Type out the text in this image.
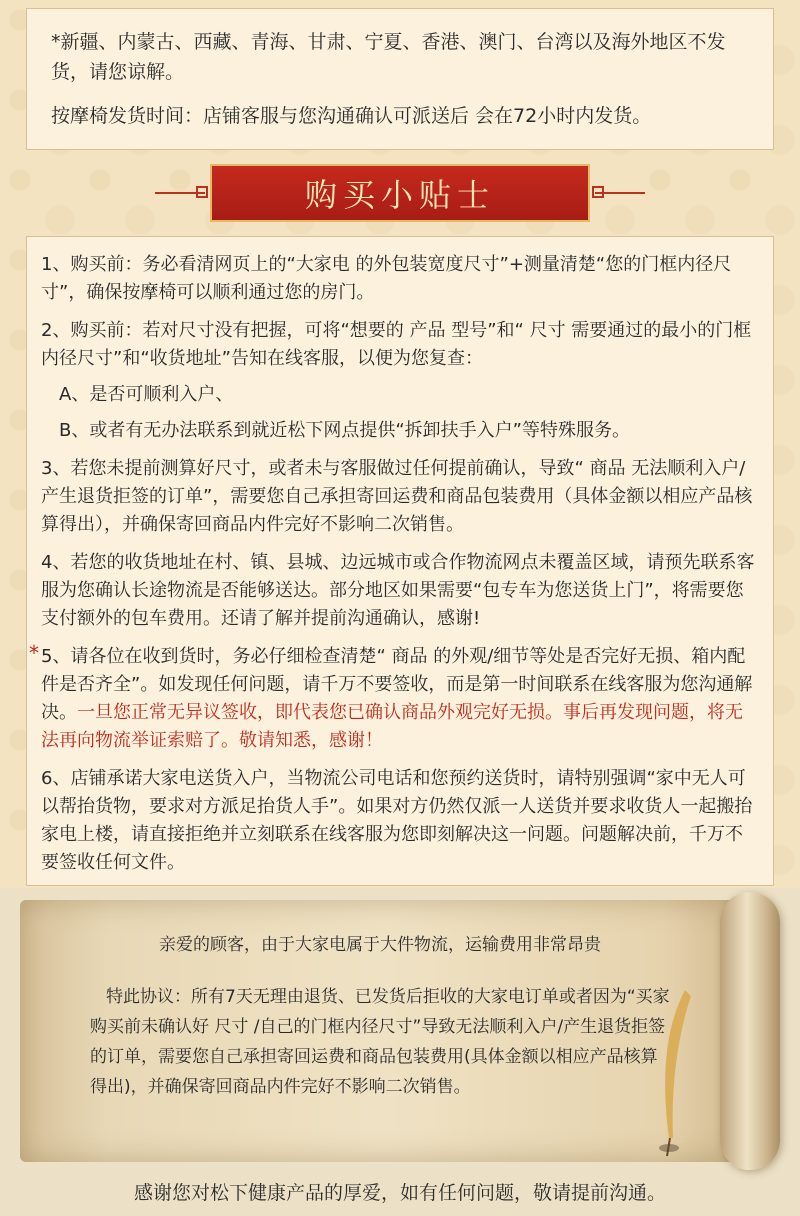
*新疆、内蒙古、西藏、青海、甘肃、宁夏、香港、澳门、台湾以及海外地区不发货，请您谅解。

按摩椅发货时间：店铺客服与您沟通确认可派送后 会在72小时内发货。

购买小贴士

1、购买前：务必看清网页上的“大家电 的外包装宽度尺寸”+测量清楚“您的门框内径尺寸”，确保按摩椅可以顺利通过您的房门。

2、购买前：若对尺寸没有把握，可将“想要的 产品 型号”和“ 尺寸 需要通过的最小的门框内径尺寸”和“收货地址”告知在线客服，以便为您复查：

A、是否可顺利入户、

B、或者有无办法联系到就近松下网点提供“拆卸扶手入户”等特殊服务。

3、若您未提前测算好尺寸，或者未与客服做过任何提前确认，导致“ 商品 无法顺利入户/产生退货拒签的订单”，需要您自己承担寄回运费和商品包装费用（具体金额以相应产品核算得出），并确保寄回商品内件完好不影响二次销售。

4、若您的收货地址在村、镇、县城、边远城市或合作物流网点未覆盖区域，请预先联系客服为您确认长途物流是否能够送达。部分地区如果需要“包专车为您送货上门”，将需要您支付额外的包车费用。还请了解并提前沟通确认，感谢!

* 5、请各位在收到货时，务必仔细检查清楚“ 商品 的外观/细节等处是否完好无损、箱内配件是否齐全”。如发现任何问题，请千万不要签收，而是第一时间联系在线客服为您沟通解决。一旦您正常无异议签收，即代表您已确认商品外观完好无损。事后再发现问题，将无法再向物流举证索赔了。敬请知悉，感谢！

6、店铺承诺大家电送货入户，当物流公司电话和您预约送货时，请特别强调“家中无人可以帮抬货物，要求对方派足抬货人手”。如果对方仍然仅派一人送货并要求收货人一起搬抬 家电上楼，请直接拒绝并立刻联系在线客服为您即刻解决这一问题。问题解决前，千万不要签收任何文件。

亲爱的顾客，由于大家电属于大件物流，运输费用非常昂贵

特此协议：所有7天无理由退货、已发货后拒收的大家电订单或者因为“买家购买前未确认好 尺寸 /自己的门框内径尺寸”导致无法顺利入户/产生退货拒签的订单，需要您自己承担寄回运费和商品包装费用(具体金额以相应产品核算得出)，并确保寄回商品内件完好不影响二次销售。

感谢您对松下健康产品的厚爱，如有任何问题，敬请提前沟通。
